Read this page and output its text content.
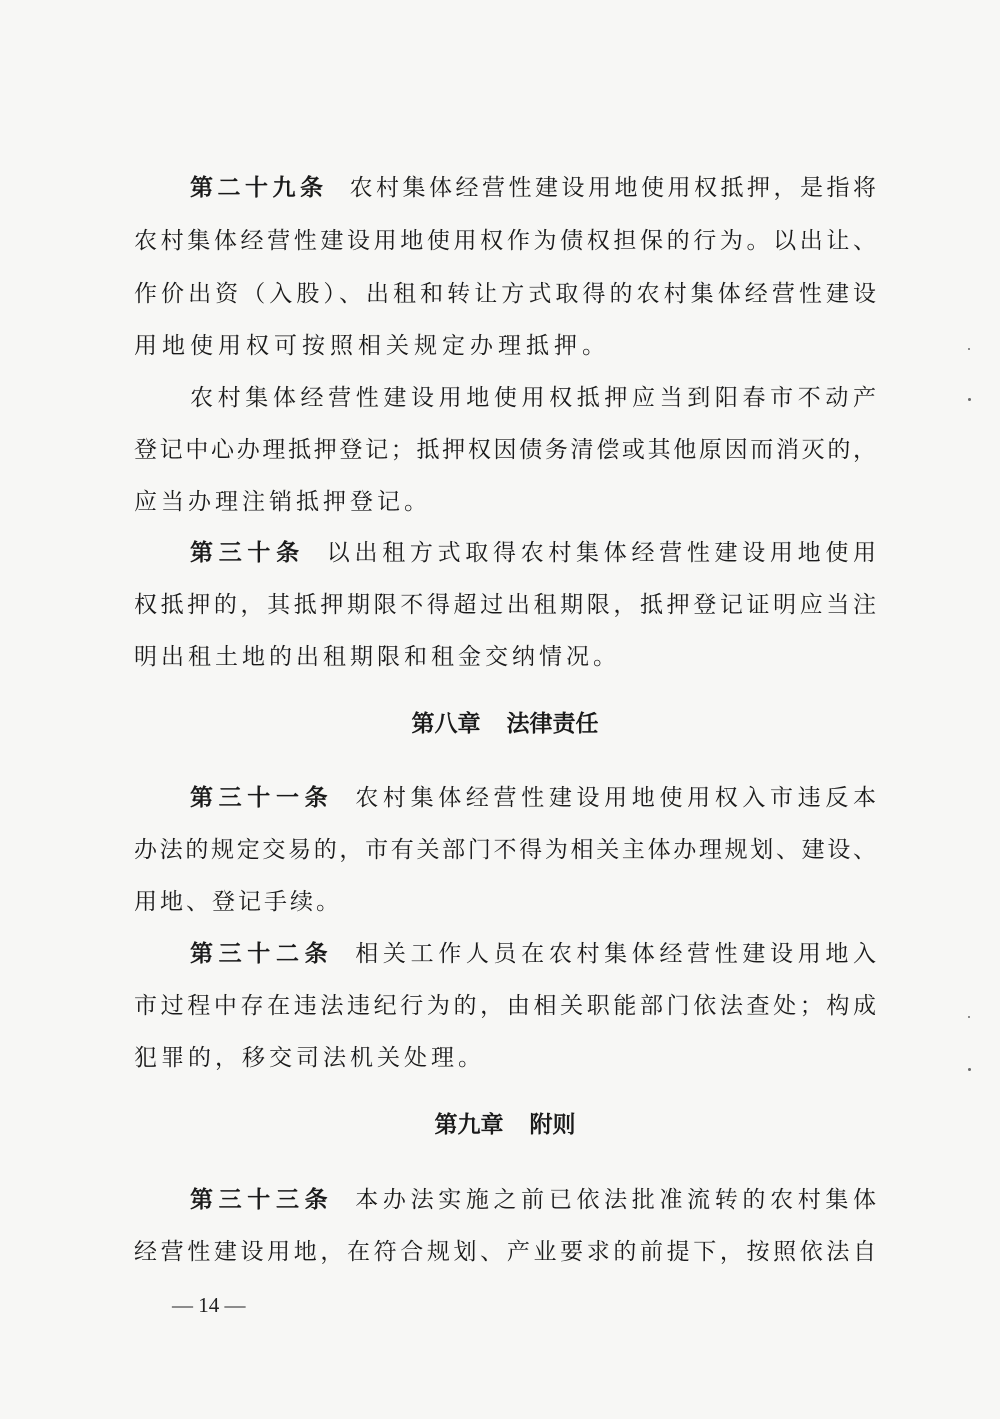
第二十九条 农村集体经营性建设用地使用权抵押，是指将
农村集体经营性建设用地使用权作为债权担保的行为。以出让、
作价出资（入股）、出租和转让方式取得的农村集体经营性建设
用地使用权可按照相关规定办理抵押。
农村集体经营性建设用地使用权抵押应当到阳春市不动产
登记中心办理抵押登记；抵押权因债务清偿或其他原因而消灭的，
应当办理注销抵押登记。
第三十条 以出租方式取得农村集体经营性建设用地使用
权抵押的，其抵押期限不得超过出租期限，抵押登记证明应当注
明出租土地的出租期限和租金交纳情况。
第八章 法律责任
第三十一条 农村集体经营性建设用地使用权入市违反本
办法的规定交易的，市有关部门不得为相关主体办理规划、建设、
用地、登记手续。
第三十二条 相关工作人员在农村集体经营性建设用地入
市过程中存在违法违纪行为的，由相关职能部门依法查处；构成
犯罪的，移交司法机关处理。
第九章 附则
第三十三条 本办法实施之前已依法批准流转的农村集体
经营性建设用地，在符合规划、产业要求的前提下，按照依法自
— 14 —
